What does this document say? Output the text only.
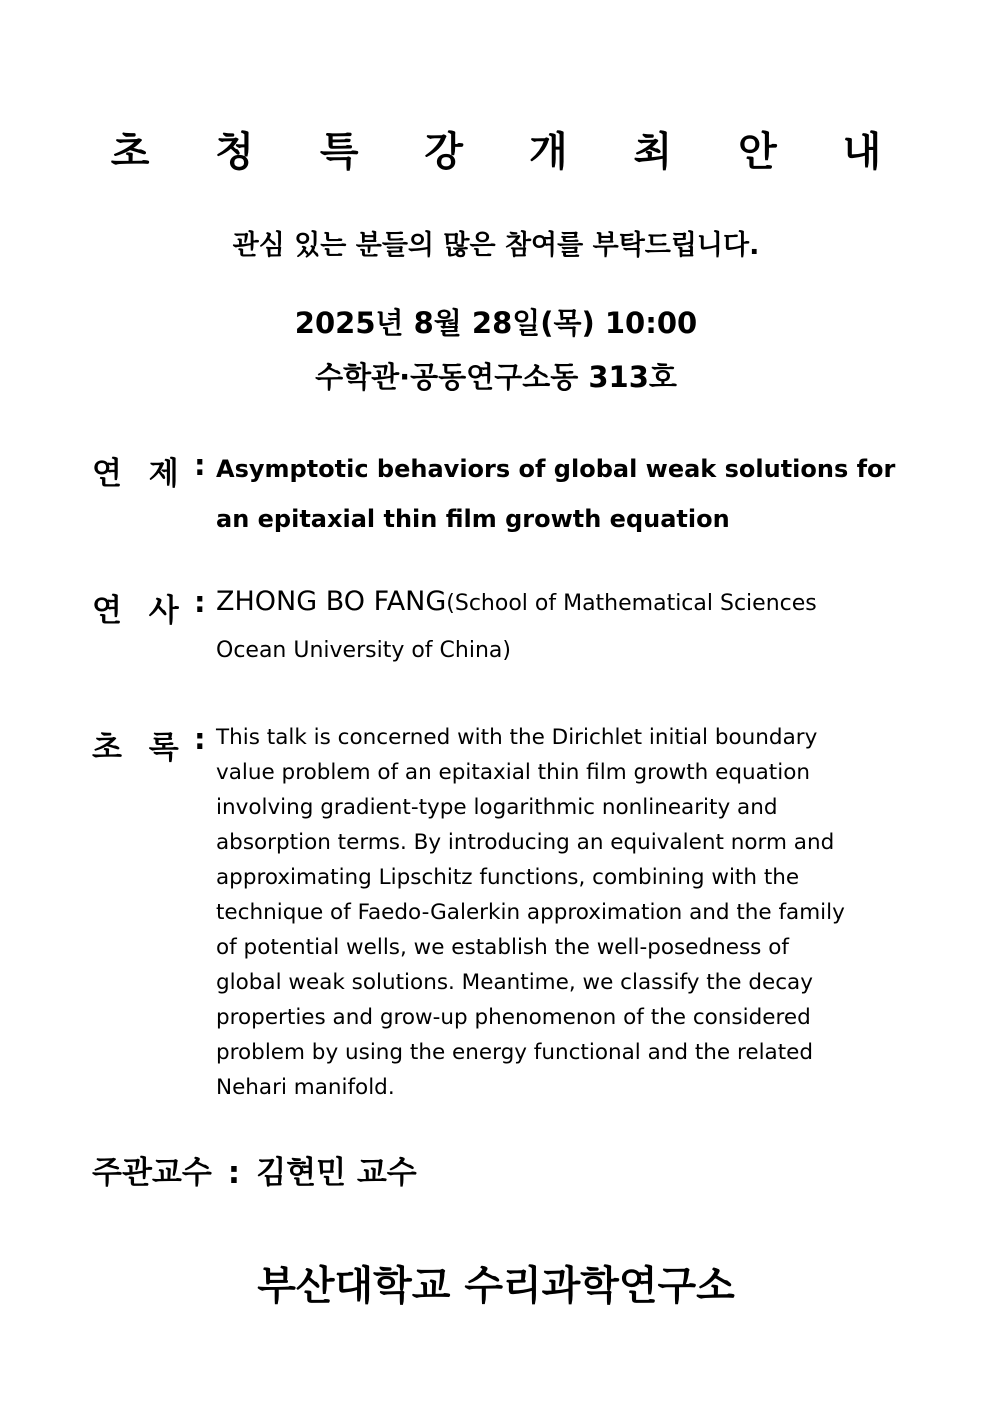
초 청 특 강 개 최 안 내
관심 있는 분들의 많은 참여를 부탁드립니다.
2025년 8월 28일(목) 10:00
수학관·공동연구소동 313호
연 제 : Asymptotic behaviors of global weak solutions for
an epitaxial thin film growth equation
연 사 : ZHONG BO FANG(School of Mathematical Sciences
Ocean University of China)
초 록 : This talk is concerned with the Dirichlet initial boundary
value problem of an epitaxial thin film growth equation
involving gradient-type logarithmic nonlinearity and
absorption terms. By introducing an equivalent norm and
approximating Lipschitz functions, combining with the
technique of Faedo-Galerkin approximation and the family
of potential wells, we establish the well-posedness of
global weak solutions. Meantime, we classify the decay
properties and grow-up phenomenon of the considered
problem by using the energy functional and the related
Nehari manifold.
주관교수 : 김현민 교수
부산대학교 수리과학연구소
